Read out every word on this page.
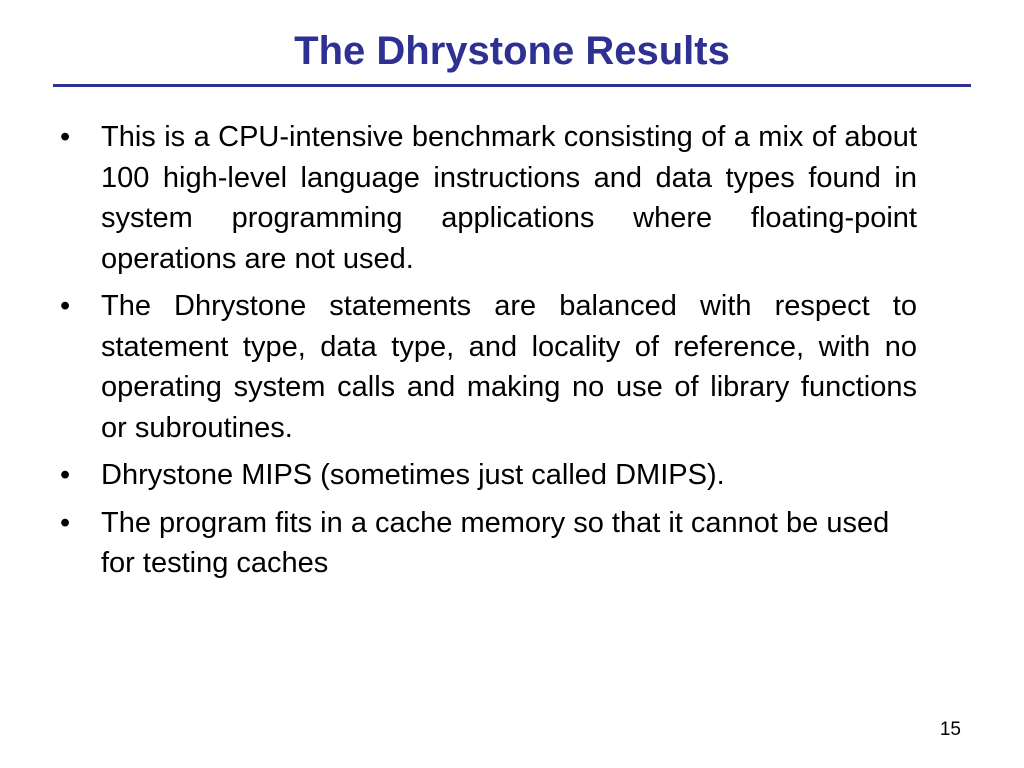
The Dhrystone Results
•	This is a CPU-intensive benchmark consisting of a mix of about 100 high-level language instructions and data types found in system programming applications where floating-point operations are not used.
•	The Dhrystone statements are balanced with respect to statement type, data type, and locality of reference, with no operating system calls and making no use of library functions or subroutines.
•	Dhrystone MIPS (sometimes just called DMIPS).
•	The program fits in a cache memory so that it cannot be used for testing caches
15
